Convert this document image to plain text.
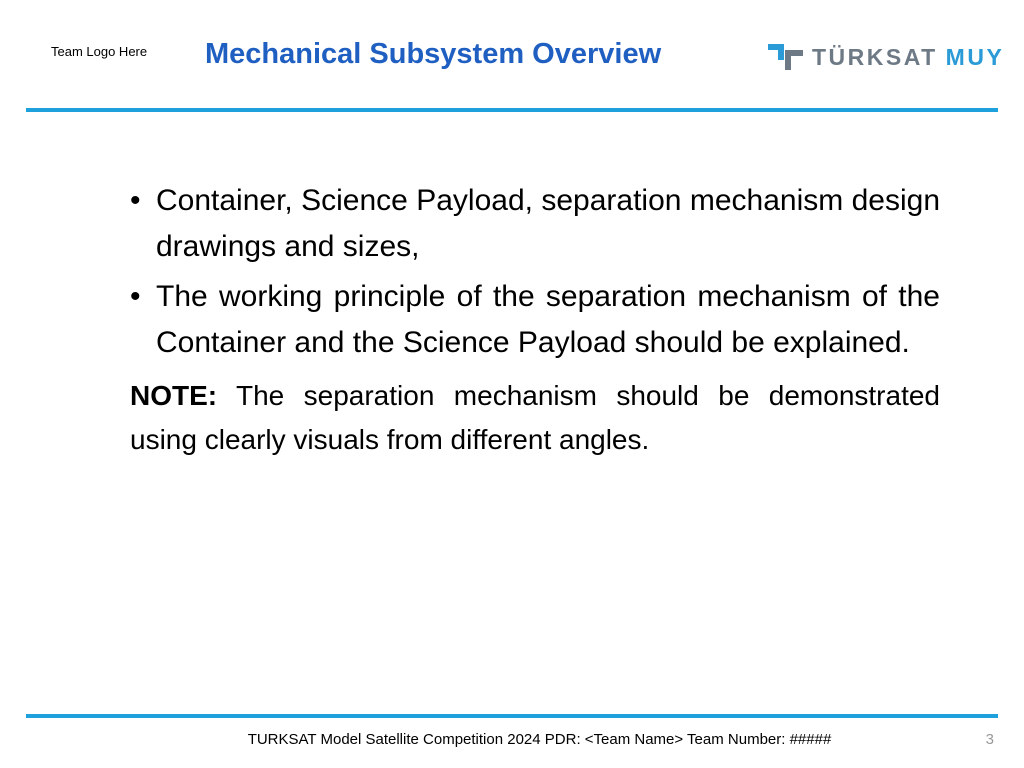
Team Logo Here Mechanical Subsystem Overview	TÜRKSAT MUY
• Container, Science Payload, separation mechanism design drawings and sizes,
• The working principle of the separation mechanism of the Container and the Science Payload should be explained.
NOTE: The separation mechanism should be demonstrated using clearly visuals from different angles.
TURKSAT Model Satellite Competition 2024 PDR: <Team Name> Team Number: #####	3
